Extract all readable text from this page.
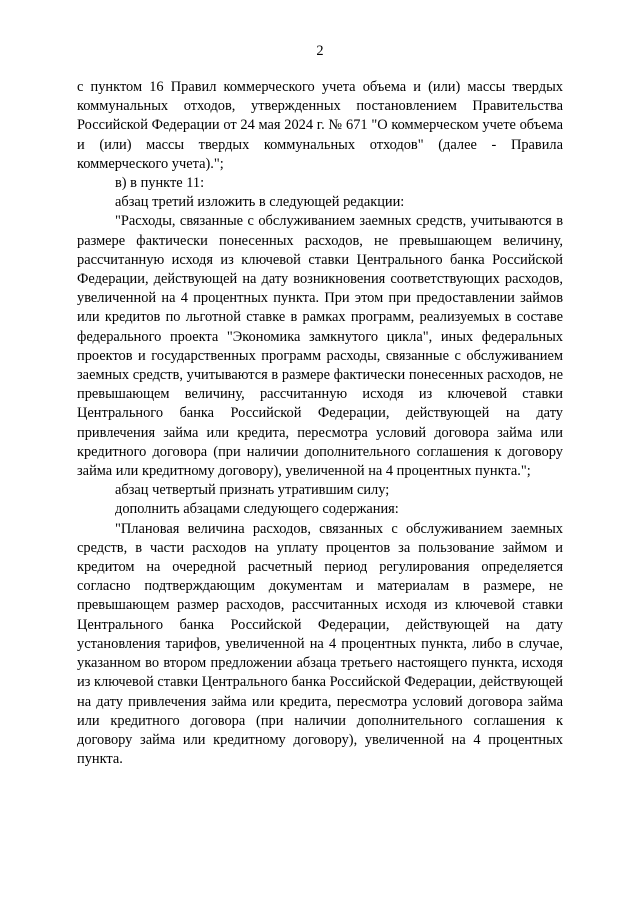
2

с пунктом 16 Правил коммерческого учета объема и (или) массы твердых коммунальных отходов, утвержденных постановлением Правительства Российской Федерации от 24 мая 2024 г. № 671 "О коммерческом учете объема и (или) массы твердых коммунальных отходов" (далее - Правила коммерческого учета).";

в) в пункте 11:

абзац третий изложить в следующей редакции:

"Расходы, связанные с обслуживанием заемных средств, учитываются в размере фактически понесенных расходов, не превышающем величину, рассчитанную исходя из ключевой ставки Центрального банка Российской Федерации, действующей на дату возникновения соответствующих расходов, увеличенной на 4 процентных пункта. При этом при предоставлении займов или кредитов по льготной ставке в рамках программ, реализуемых в составе федерального проекта "Экономика замкнутого цикла", иных федеральных проектов и государственных программ расходы, связанные с обслуживанием заемных средств, учитываются в размере фактически понесенных расходов, не превышающем величину, рассчитанную исходя из ключевой ставки Центрального банка Российской Федерации, действующей на дату привлечения займа или кредита, пересмотра условий договора займа или кредитного договора (при наличии дополнительного соглашения к договору займа или кредитному договору), увеличенной на 4 процентных пункта.";

абзац четвертый признать утратившим силу;

дополнить абзацами следующего содержания:

"Плановая величина расходов, связанных с обслуживанием заемных средств, в части расходов на уплату процентов за пользование займом и кредитом на очередной расчетный период регулирования определяется согласно подтверждающим документам и материалам в размере, не превышающем размер расходов, рассчитанных исходя из ключевой ставки Центрального банка Российской Федерации, действующей на дату установления тарифов, увеличенной на 4 процентных пункта, либо в случае, указанном во втором предложении абзаца третьего настоящего пункта, исходя из ключевой ставки Центрального банка Российской Федерации, действующей на дату привлечения займа или кредита, пересмотра условий договора займа или кредитного договора (при наличии дополнительного соглашения к договору займа или кредитному договору), увеличенной на 4 процентных пункта.
